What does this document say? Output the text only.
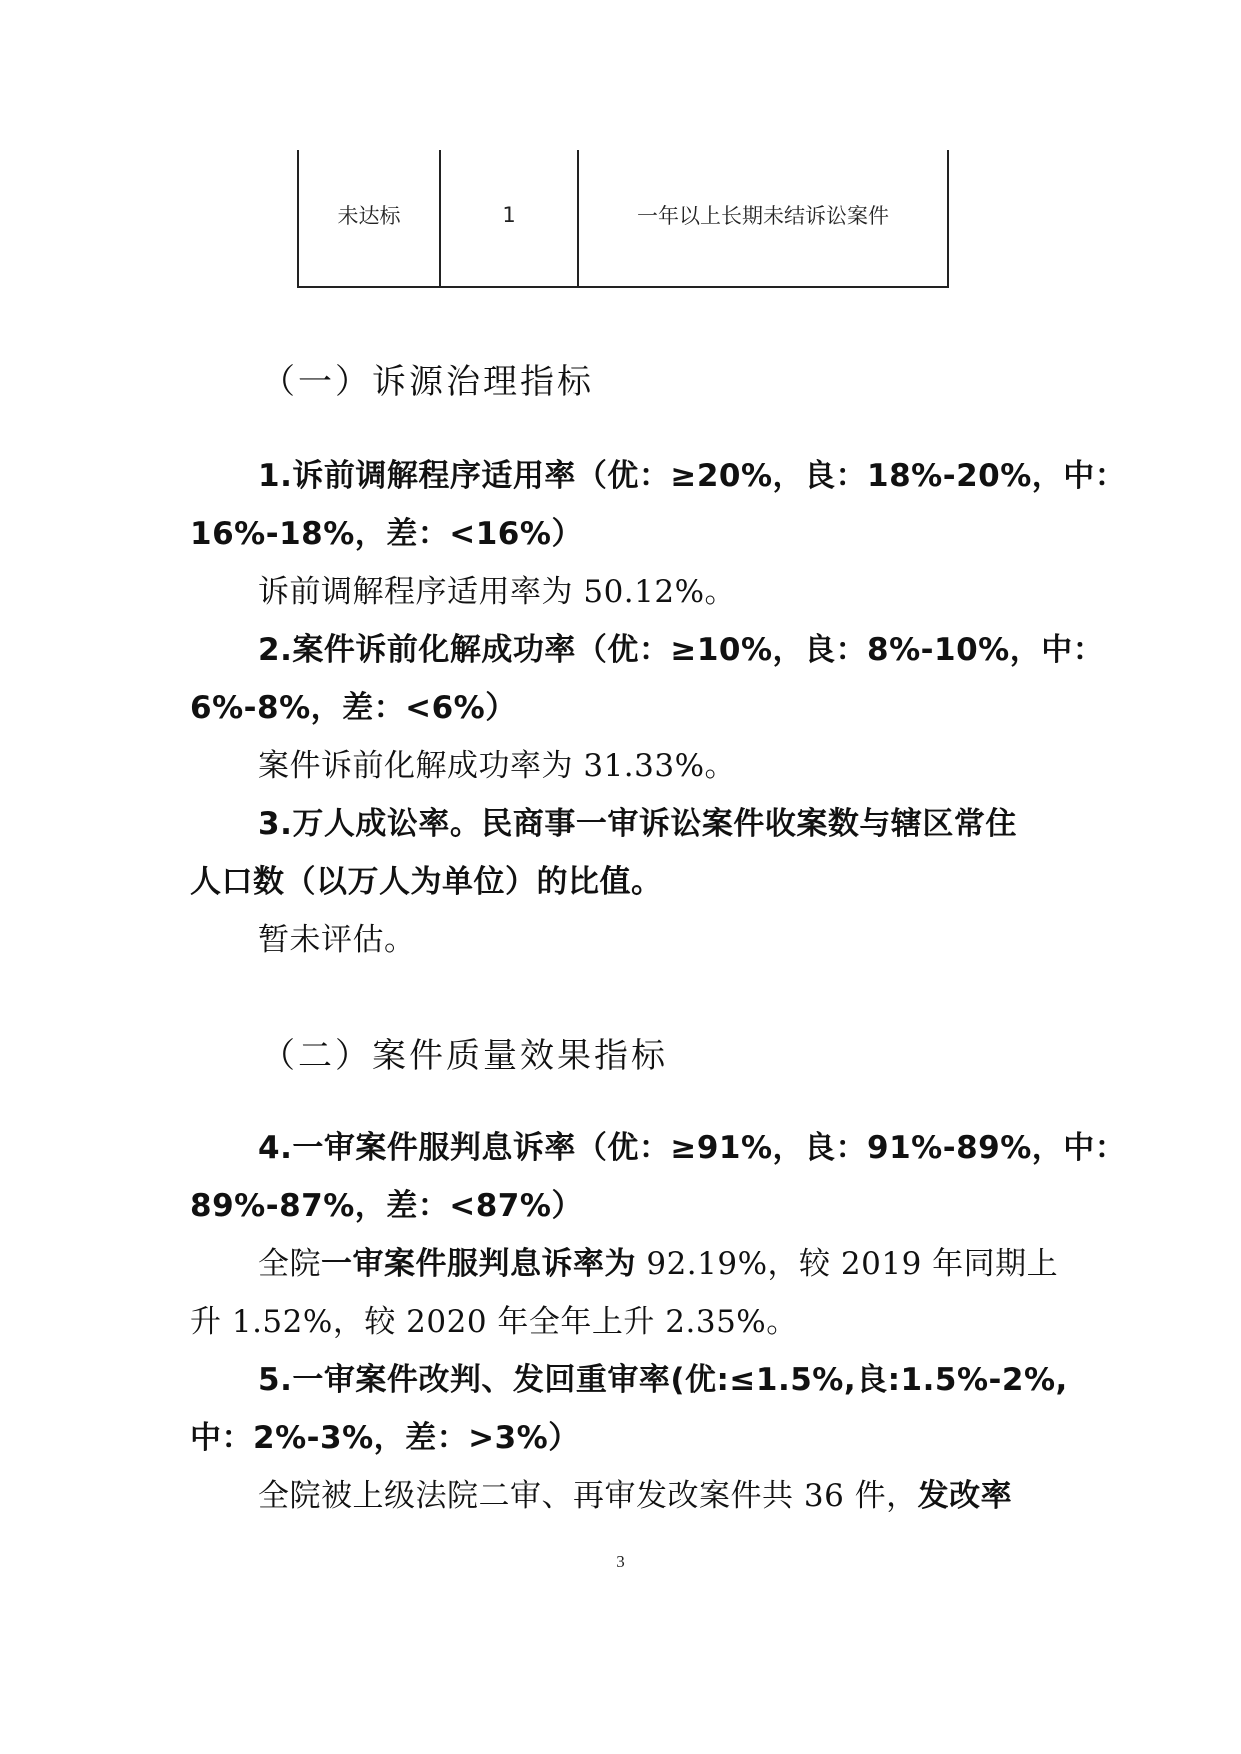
未达标	1	一年以上长期未结诉讼案件
（一）诉源治理指标
1.诉前调解程序适用率（优：≥20%，良：18%-20%，中：
16%-18%，差：<16%）
诉前调解程序适用率为 50.12%。
2.案件诉前化解成功率（优：≥10%，良：8%-10%，中：
6%-8%，差：<6%）
案件诉前化解成功率为 31.33%。
3.万人成讼率。民商事一审诉讼案件收案数与辖区常住
人口数（以万人为单位）的比值。
暂未评估。
（二）案件质量效果指标
4.一审案件服判息诉率（优：≥91%，良：91%-89%，中：
89%-87%，差：<87%）
全院一审案件服判息诉率为 92.19%，较 2019 年同期上
升 1.52%，较 2020 年全年上升 2.35%。
5.一审案件改判、发回重审率(优:≤1.5%,良:1.5%-2%,
中：2%-3%，差：>3%）
全院被上级法院二审、再审发改案件共 36 件，发改率
3
